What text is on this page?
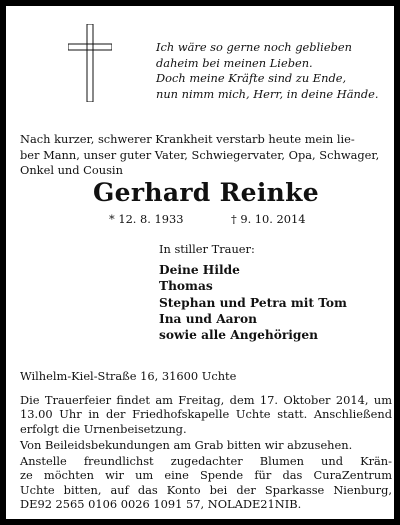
Ich wäre so gerne noch geblieben
daheim bei meinen Lieben.
Doch meine Kräfte sind zu Ende,
nun nimm mich, Herr, in deine Hände.
Nach kurzer, schwerer Krankheit verstarb heute mein lie-
ber Mann, unser guter Vater, Schwiegervater, Opa, Schwager,
Onkel und Cousin
Gerhard Reinke
* 12. 8. 1933	† 9. 10. 2014
In stiller Trauer:
Deine Hilde
Thomas
Stephan und Petra mit Tom
Ina und Aaron
sowie alle Angehörigen
Wilhelm-Kiel-Straße 16, 31600 Uchte
Die Trauerfeier findet am Freitag, dem 17. Oktober 2014, um
13.00 Uhr in der Friedhofskapelle Uchte statt. Anschließend
erfolgt die Urnenbeisetzung.
Von Beileidsbekundungen am Grab bitten wir abzusehen.
Anstelle freundlichst zugedachter Blumen und Krän-
ze möchten wir um eine Spende für das CuraZentrum
Uchte bitten, auf das Konto bei der Sparkasse Nienburg,
DE92 2565 0106 0026 1091 57, NOLADE21NIB.
